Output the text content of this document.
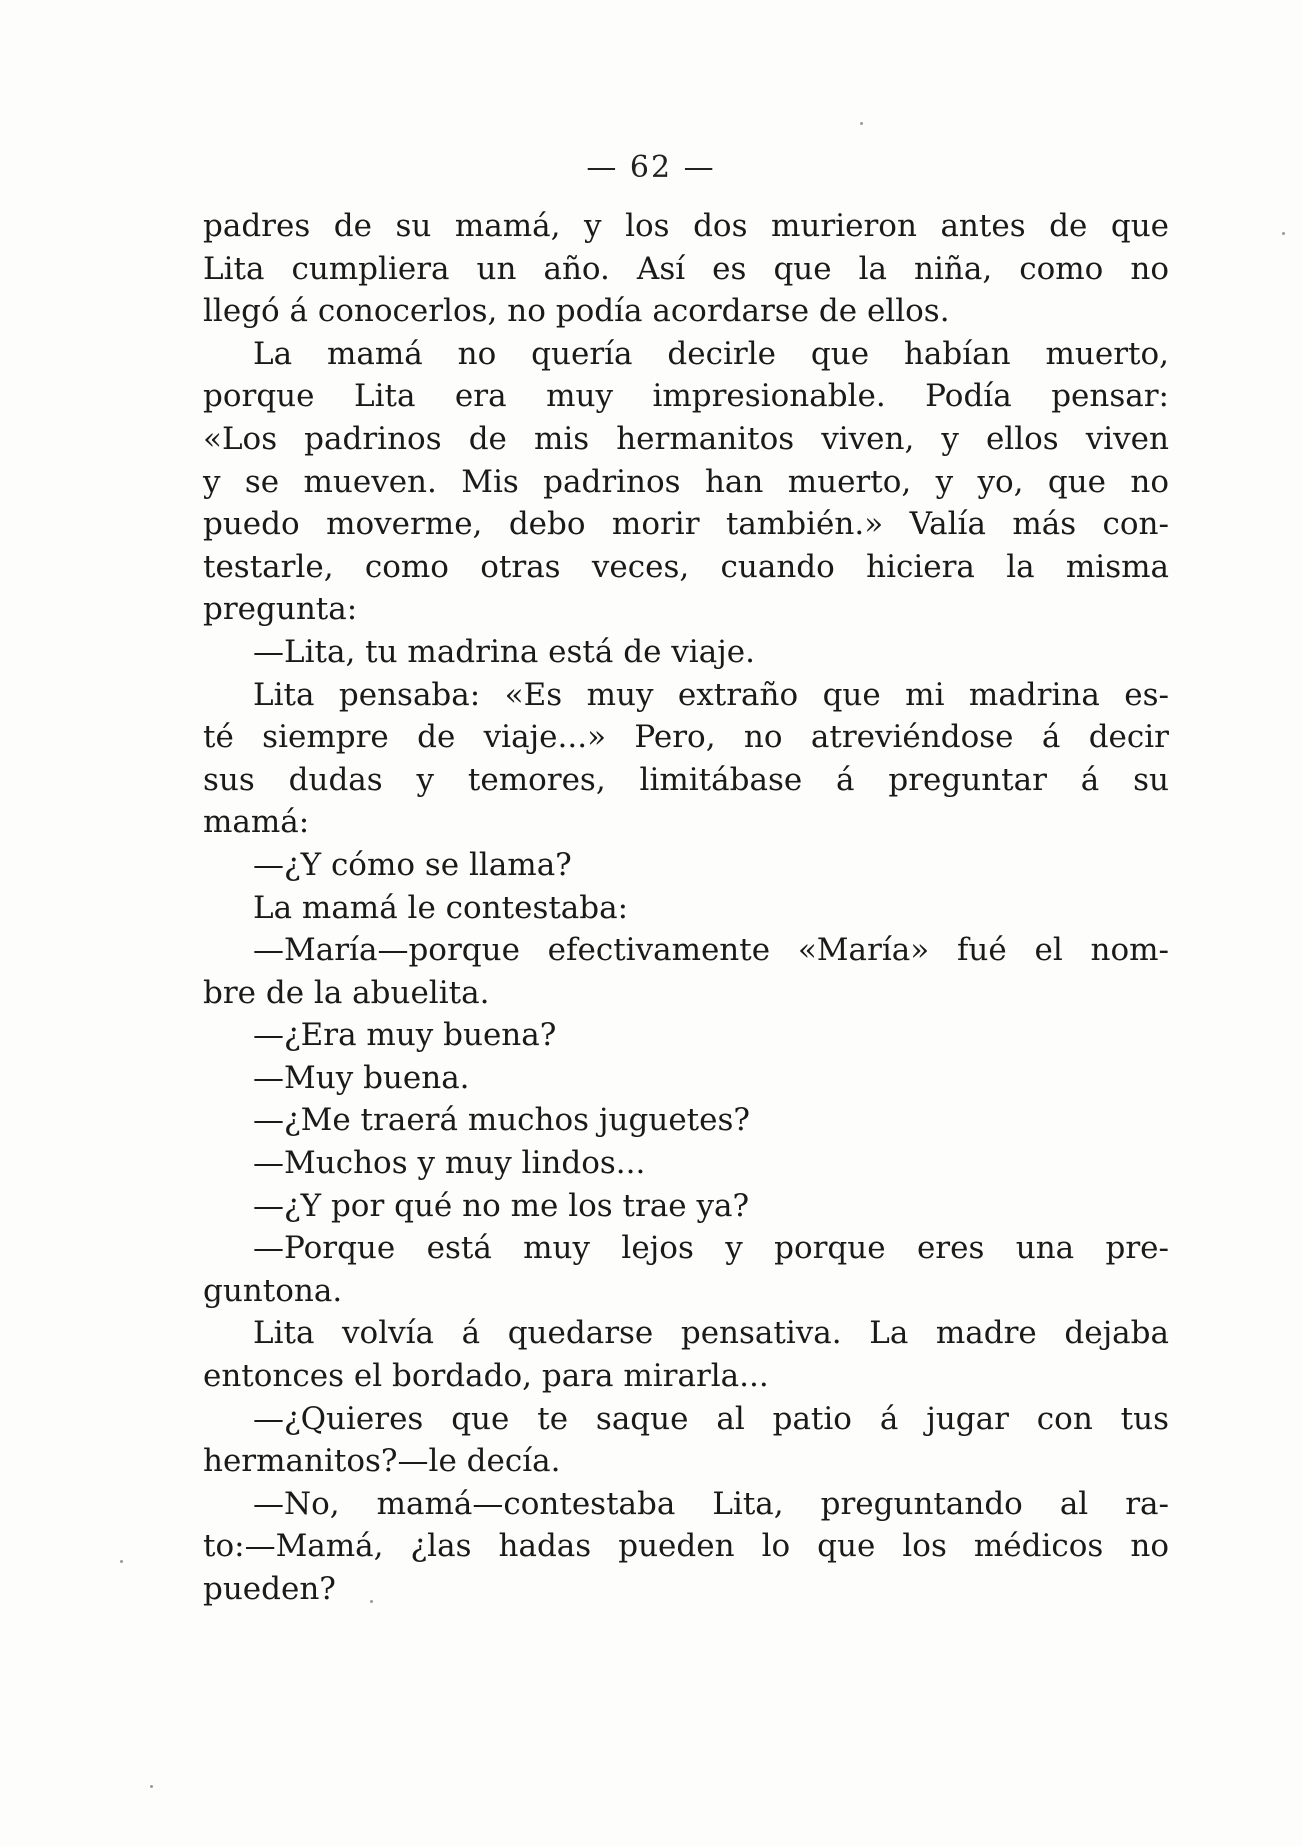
— 62 —
padres de su mamá, y los dos murieron antes de que
Lita cumpliera un año. Así es que la niña, como no
llegó á conocerlos, no podía acordarse de ellos.
La mamá no quería decirle que habían muerto,
porque Lita era muy impresionable. Podía pensar:
«Los padrinos de mis hermanitos viven, y ellos viven
y se mueven. Mis padrinos han muerto, y yo, que no
puedo moverme, debo morir también.» Valía más con-
testarle, como otras veces, cuando hiciera la misma
pregunta:
—Lita, tu madrina está de viaje.
Lita pensaba: «Es muy extraño que mi madrina es-
té siempre de viaje...» Pero, no atreviéndose á decir
sus dudas y temores, limitábase á preguntar á su
mamá:
—¿Y cómo se llama?
La mamá le contestaba:
—María—porque efectivamente «María» fué el nom-
bre de la abuelita.
—¿Era muy buena?
—Muy buena.
—¿Me traerá muchos juguetes?
—Muchos y muy lindos...
—¿Y por qué no me los trae ya?
—Porque está muy lejos y porque eres una pre-
guntona.
Lita volvía á quedarse pensativa. La madre dejaba
entonces el bordado, para mirarla...
—¿Quieres que te saque al patio á jugar con tus
hermanitos?—le decía.
—No, mamá—contestaba Lita, preguntando al ra-
to:—Mamá, ¿las hadas pueden lo que los médicos no
pueden?
